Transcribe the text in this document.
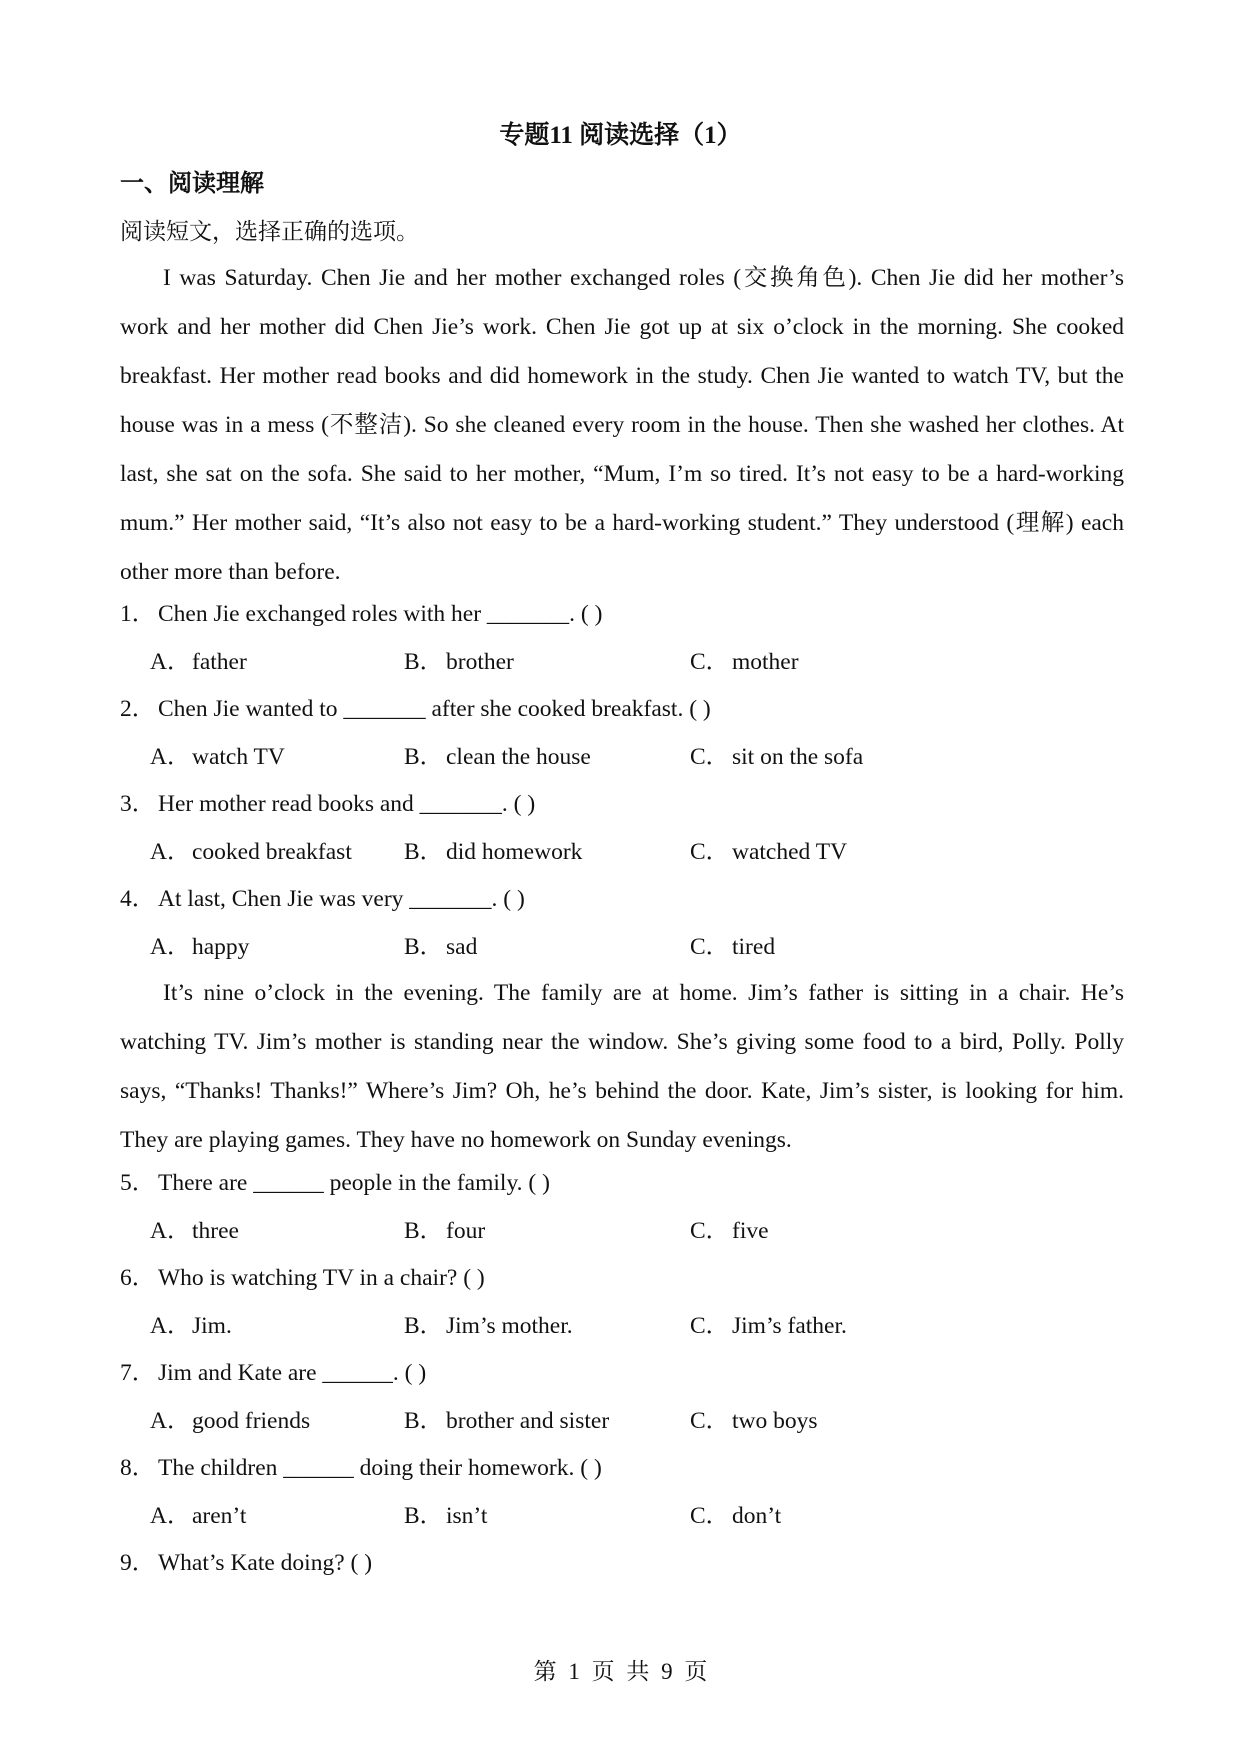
专题11 阅读选择（1）
一、阅读理解
阅读短文，选择正确的选项。

I was Saturday. Chen Jie and her mother exchanged roles (交换角色). Chen Jie did her mother’s work and her mother did Chen Jie’s work. Chen Jie got up at six o’clock in the morning. She cooked breakfast. Her mother read books and did homework in the study. Chen Jie wanted to watch TV, but the house was in a mess (不整洁). So she cleaned every room in the house. Then she washed her clothes. At last, she sat on the sofa. She said to her mother, “Mum, I’m so tired. It’s not easy to be a hard-working mum.” Her mother said, “It’s also not easy to be a hard-working student.” They understood (理解) each other more than before.

1． Chen Jie exchanged roles with her _______. ( )
A．father	B． brother	C． mother
2． Chen Jie wanted to _______ after she cooked breakfast. ( )
A．watch TV	B． clean the house	C． sit on the sofa
3． Her mother read books and _______. ( )
A．cooked breakfast B． did homework	C． watched TV
4． At last, Chen Jie was very _______. ( )
A．happy	B． sad	C． tired

It’s nine o’clock in the evening. The family are at home. Jim’s father is sitting in a chair. He’s watching TV. Jim’s mother is standing near the window. She’s giving some food to a bird, Polly. Polly says, “Thanks! Thanks!” Where’s Jim? Oh, he’s behind the door. Kate, Jim’s sister, is looking for him. They are playing games. They have no homework on Sunday evenings.

5． There are ______ people in the family. ( )
A．three	B． four	C． five
6． Who is watching TV in a chair? ( )
A．Jim.	B． Jim’s mother.	C． Jim’s father.
7． Jim and Kate are ______. ( )
A．good friends	B． brother and sister	C． two boys
8． The children ______ doing their homework. ( )
A．aren’t	B． isn’t	C． don’t
9． What’s Kate doing? ( )
第 1 页 共 9 页
